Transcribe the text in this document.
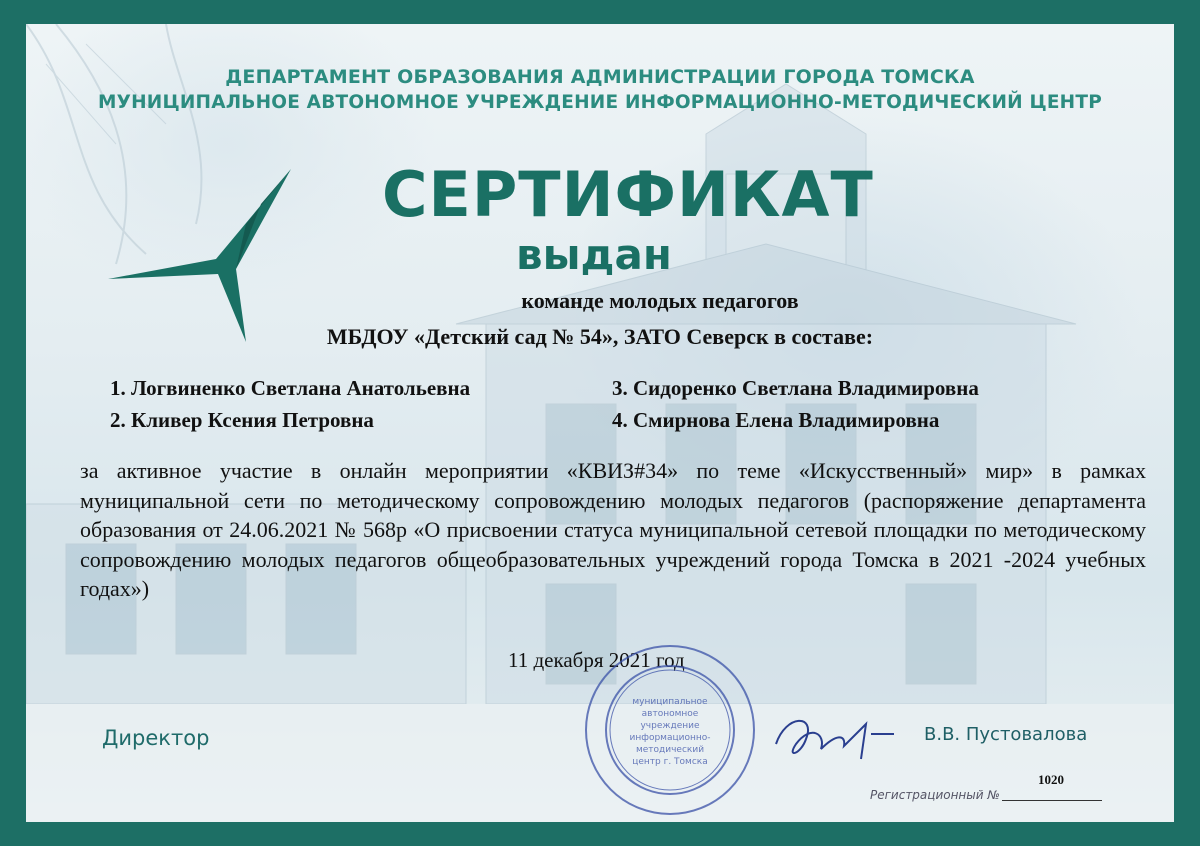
ДЕПАРТАМЕНТ ОБРАЗОВАНИЯ АДМИНИСТРАЦИИ ГОРОДА ТОМСКА
МУНИЦИПАЛЬНОЕ АВТОНОМНОЕ УЧРЕЖДЕНИЕ ИНФОРМАЦИОННО-МЕТОДИЧЕСКИЙ ЦЕНТР
СЕРТИФИКАТ
выдан
команде молодых педагогов
МБДОУ «Детский сад № 54», ЗАТО Северск в составе:
1. Логвиненко Светлана Анатольевна
2. Кливер Ксения Петровна
3. Сидоренко Светлана Владимировна
4. Смирнова Елена Владимировна
за активное участие в онлайн мероприятии «КВИЗ#34» по теме «Искусственный» мир» в рамках муниципальной сети по методическому сопровождению молодых педагогов (распоряжение департамента образования от 24.06.2021 № 568р «О присвоении статуса муниципальной сетевой площадки по методическому сопровождению молодых педагогов общеобразовательных учреждений города Томска в 2021 -2024 учебных годах»)
11 декабря 2021 год
муниципальное
автономное
учреждение
информационно-
методический
центр г. Томска
Директор	В.В. Пустовалова
1020
Регистрационный №
